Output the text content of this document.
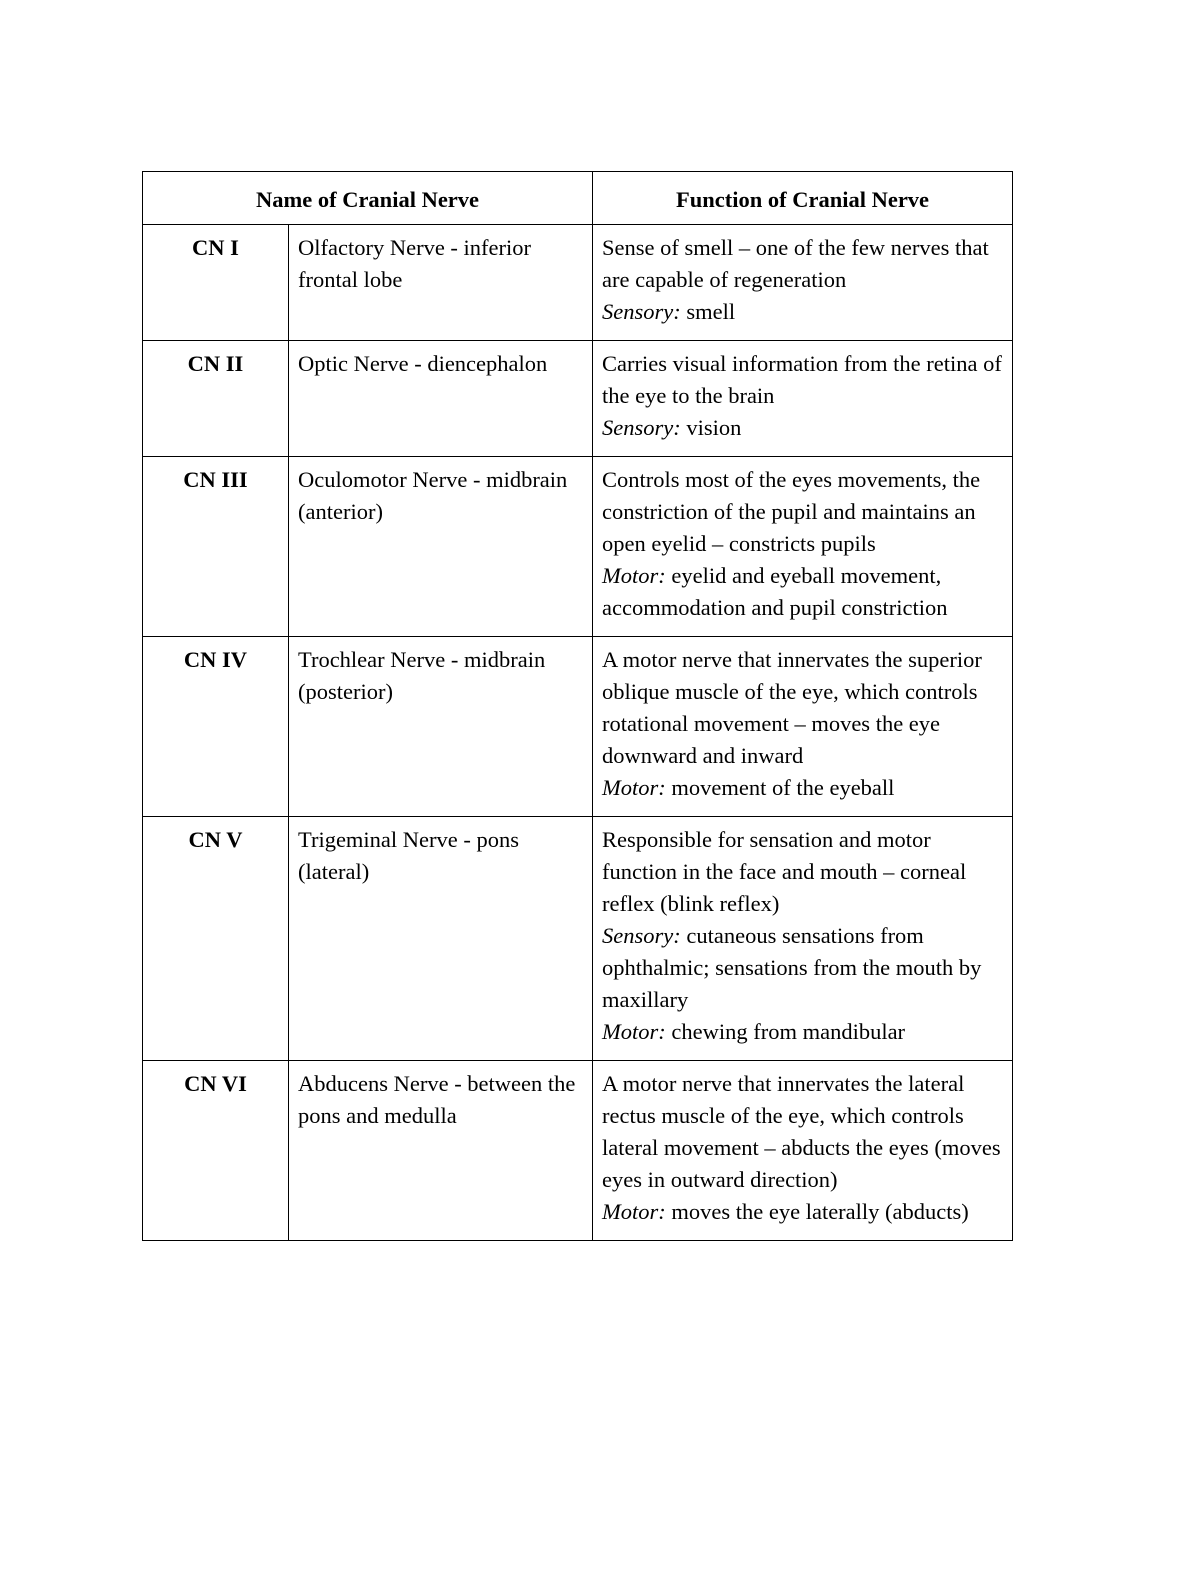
Name of Cranial Nerve		Function of Cranial Nerve
CN I	Olfactory Nerve - inferior frontal lobe	Sense of smell – one of the few nerves that are capable of regeneration
Sensory: smell

CN II	Optic Nerve - diencephalon	Carries visual information from the retina of the eye to the brain
Sensory: vision

CN III	Oculomotor Nerve - midbrain (anterior)	Controls most of the eyes movements, the constriction of the pupil and maintains an open eyelid – constricts pupils
Motor: eyelid and eyeball movement, accommodation and pupil constriction

CN IV	Trochlear Nerve - midbrain (posterior)	A motor nerve that innervates the superior oblique muscle of the eye, which controls rotational movement – moves the eye downward and inward
Motor: movement of the eyeball

CN V	Trigeminal Nerve - pons (lateral)	Responsible for sensation and motor function in the face and mouth – corneal reflex (blink reflex)
Sensory: cutaneous sensations from ophthalmic; sensations from the mouth by maxillary
Motor: chewing from mandibular

CN VI	Abducens Nerve - between the pons and medulla	A motor nerve that innervates the lateral rectus muscle of the eye, which controls lateral movement – abducts the eyes (moves eyes in outward direction)
Motor: moves the eye laterally (abducts)
